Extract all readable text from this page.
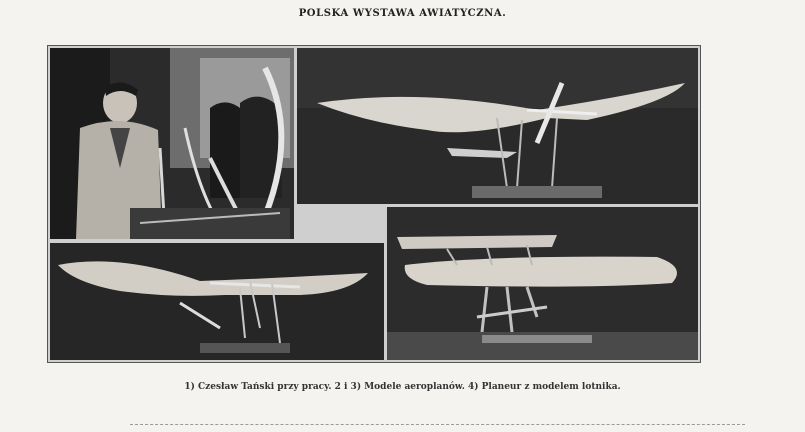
POLSKA WYSTAWA AWIATYCZNA.
1) Czesław Tański przy pracy. 2 i 3) Modele aeroplanów. 4) Planeur z modelem lotnika.
